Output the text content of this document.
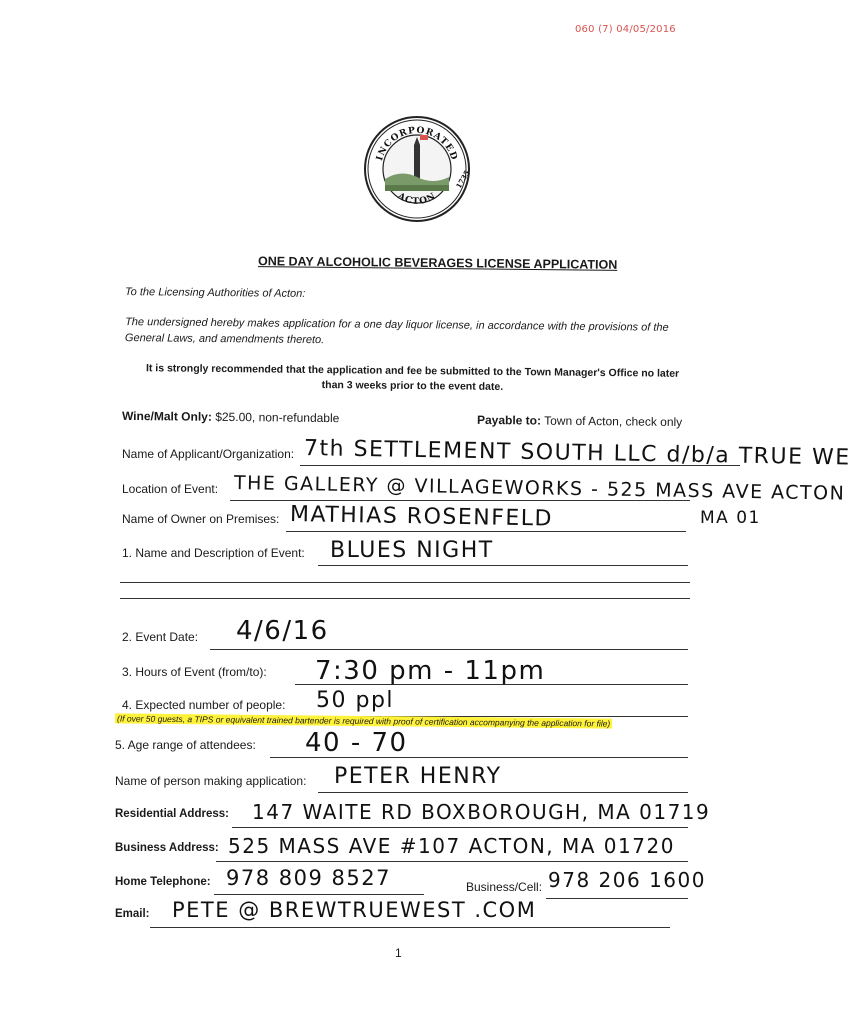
060 (7) 04/05/2016
INCORPORATED
1735
ACTON
ONE DAY ALCOHOLIC BEVERAGES LICENSE APPLICATION
To the Licensing Authorities of Acton:
The undersigned hereby makes application for a one day liquor license, in accordance with the provisions of the General Laws, and amendments thereto.
It is strongly recommended that the application and fee be submitted to the Town Manager's Office no later than 3 weeks prior to the event date.
Wine/Malt Only: $25.00, non-refundable	Payable to: Town of Acton, check only
Name of Applicant/Organization: 7th SETTLEMENT SOUTH LLC d/b/a TRUE WE
Location of Event: THE GALLERY @ VILLAGEWORKS - 525 MASS AVE ACTON
Name of Owner on Premises: MATHIAS ROSENFELD	MA 01
1. Name and Description of Event: BLUES NIGHT
2. Event Date: 4/6/16
3. Hours of Event (from/to): 7:30 pm - 11pm
4. Expected number of people: 50 ppl
(If over 50 guests, a TIPS or equivalent trained bartender is required with proof of certification accompanying the application for file)
5. Age range of attendees: 40 - 70
Name of person making application: PETER HENRY
Residential Address: 147 WAITE RD BOXBOROUGH, MA 01719
Business Address: 525 MASS AVE #107 ACTON, MA 01720
Home Telephone: 978 809 8527	Business/Cell: 978 206 1600
Email: PETE @ BREWTRUEWEST .COM
1
